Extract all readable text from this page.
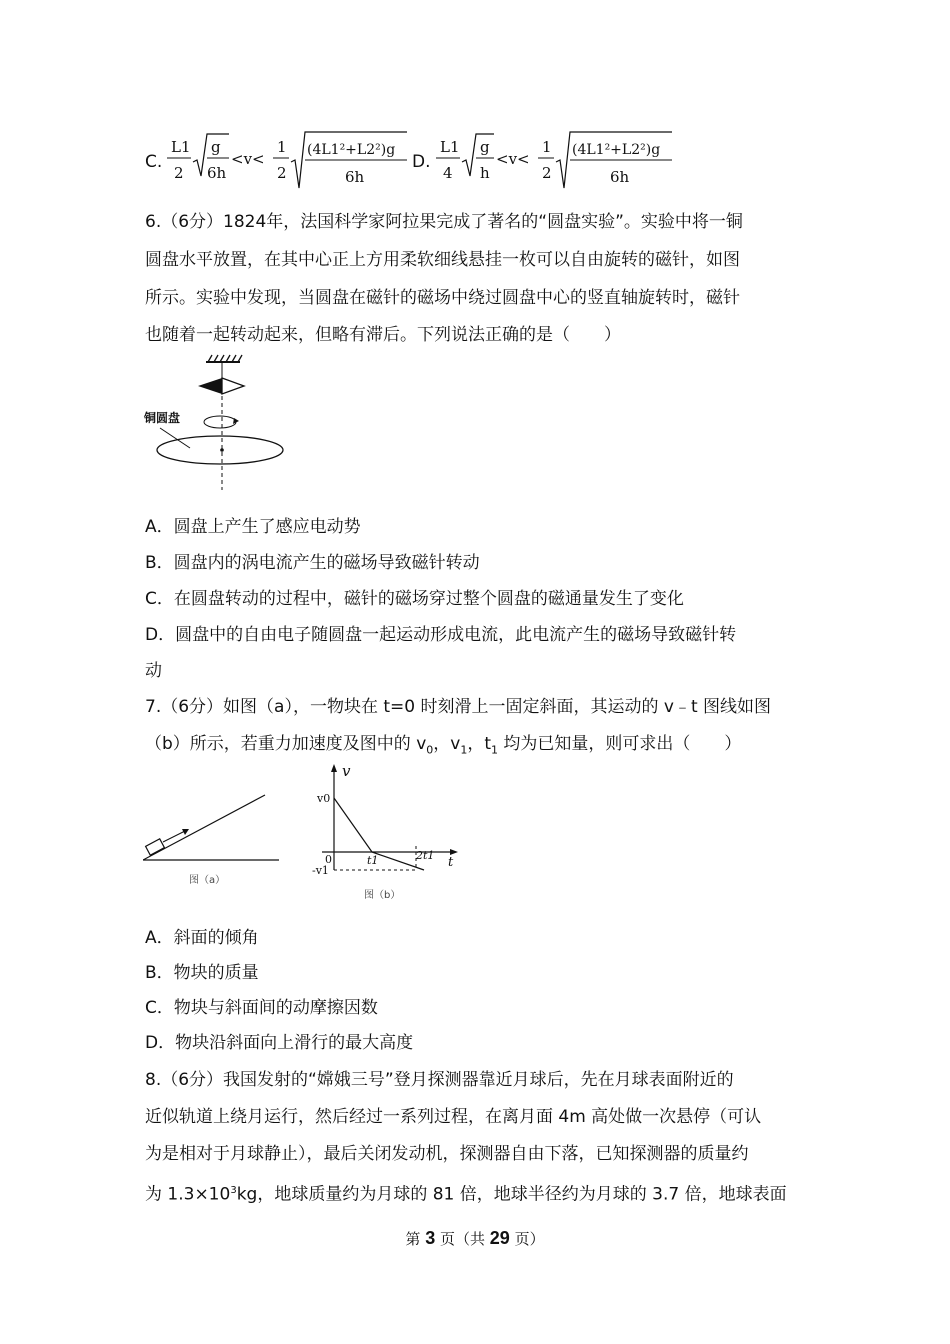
C.
L1
2
g
6h
<v<
1
2
(4L1²+L2²)g
6h
D.
L1
4
g
h
<v<
1
2
(4L1²+L2²)g
6h
6.（6分）1824年，法国科学家阿拉果完成了著名的“圆盘实验”。实验中将一铜
圆盘水平放置，在其中心正上方用柔软细线悬挂一枚可以自由旋转的磁针，如图
所示。实验中发现，当圆盘在磁针的磁场中绕过圆盘中心的竖直轴旋转时，磁针
也随着一起转动起来，但略有滞后。下列说法正确的是（　　）
铜圆盘
A．圆盘上产生了感应电动势
B．圆盘内的涡电流产生的磁场导致磁针转动
C．在圆盘转动的过程中，磁针的磁场穿过整个圆盘的磁通量发生了变化
D．圆盘中的自由电子随圆盘一起运动形成电流，此电流产生的磁场导致磁针转
动
7.（6分）如图（a），一物块在 t=0 时刻滑上一固定斜面，其运动的 v﹣t 图线如图
（b）所示，若重力加速度及图中的 $v_0$，$v_1$，$t_1$ 均为已知量，则可求出（　　）
图（a）
v
t
v0
-v1
0	t1	2t1
图（b）
A．斜面的倾角
B．物块的质量
C．物块与斜面间的动摩擦因数
D．物块沿斜面向上滑行的最大高度
8.（6分）我国发射的“嫦娥三号”登月探测器靠近月球后，先在月球表面附近的
近似轨道上绕月运行，然后经过一系列过程，在离月面 4m 高处做一次悬停（可认
为是相对于月球静止），最后关闭发动机，探测器自由下落，已知探测器的质量约
为 $1.3\times 10^3kg$，地球质量约为月球的 81 倍，地球半径约为月球的 3.7 倍，地球表面
第 3 页（共 29 页）
